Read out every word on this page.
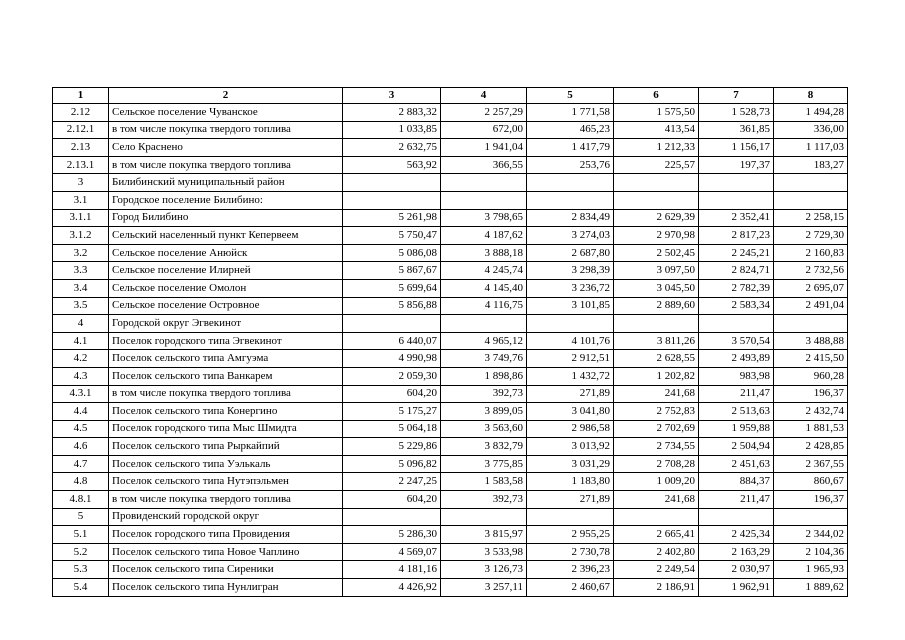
1	2	3	4	5	6	7	8
2.12	Сельское поселение Чуванское	2 883,32	2 257,29	1 771,58	1 575,50	1 528,73	1 494,28
2.12.1	в том числе покупка твердого топлива	1 033,85	672,00	465,23	413,54	361,85	336,00
2.13	Село Краснено	2 632,75	1 941,04	1 417,79	1 212,33	1 156,17	1 117,03
2.13.1	в том числе покупка твердого топлива	563,92	366,55	253,76	225,57	197,37	183,27
3	Билибинский муниципальный район						
3.1	Городское поселение Билибино:						
3.1.1	Город Билибино	5 261,98	3 798,65	2 834,49	2 629,39	2 352,41	2 258,15
3.1.2	Сельский населенный пункт Кепервеем	5 750,47	4 187,62	3 274,03	2 970,98	2 817,23	2 729,30
3.2	Сельское поселение Анюйск	5 086,08	3 888,18	2 687,80	2 502,45	2 245,21	2 160,83
3.3	Сельское поселение Илирней	5 867,67	4 245,74	3 298,39	3 097,50	2 824,71	2 732,56
3.4	Сельское поселение Омолон	5 699,64	4 145,40	3 236,72	3 045,50	2 782,39	2 695,07
3.5	Сельское поселение Островное	5 856,88	4 116,75	3 101,85	2 889,60	2 583,34	2 491,04
4	Городской округ Эгвекинот						
4.1	Поселок городского типа Эгвекинот	6 440,07	4 965,12	4 101,76	3 811,26	3 570,54	3 488,88
4.2	Поселок сельского типа Амгуэма	4 990,98	3 749,76	2 912,51	2 628,55	2 493,89	2 415,50
4.3	Поселок сельского типа Ванкарем	2 059,30	1 898,86	1 432,72	1 202,82	983,98	960,28
4.3.1	в том числе покупка твердого топлива	604,20	392,73	271,89	241,68	211,47	196,37
4.4	Поселок сельского типа Конергино	5 175,27	3 899,05	3 041,80	2 752,83	2 513,63	2 432,74
4.5	Поселок городского типа Мыс Шмидта	5 064,18	3 563,60	2 986,58	2 702,69	1 959,88	1 881,53
4.6	Поселок сельского типа Рыркайпий	5 229,86	3 832,79	3 013,92	2 734,55	2 504,94	2 428,85
4.7	Поселок сельского типа Уэлькаль	5 096,82	3 775,85	3 031,29	2 708,28	2 451,63	2 367,55
4.8	Поселок сельского типа Нутэпэльмен	2 247,25	1 583,58	1 183,80	1 009,20	884,37	860,67
4.8.1	в том числе покупка твердого топлива	604,20	392,73	271,89	241,68	211,47	196,37
5	Провиденский городской округ						
5.1	Поселок городского типа Провидения	5 286,30	3 815,97	2 955,25	2 665,41	2 425,34	2 344,02
5.2	Поселок сельского типа Новое Чаплино	4 569,07	3 533,98	2 730,78	2 402,80	2 163,29	2 104,36
5.3	Поселок сельского типа Сиреники	4 181,16	3 126,73	2 396,23	2 249,54	2 030,97	1 965,93
5.4	Поселок сельского типа Нунлигран	4 426,92	3 257,11	2 460,67	2 186,91	1 962,91	1 889,62
